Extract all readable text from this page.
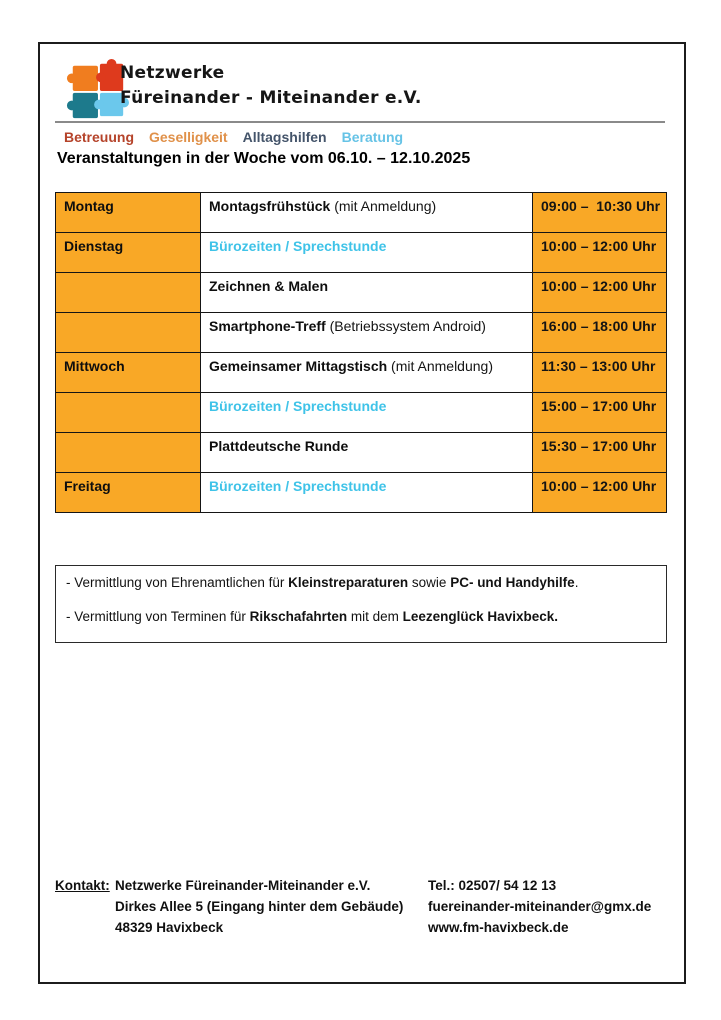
Netzwerke
Füreinander - Miteinander e.V.
Betreuung Geselligkeit Alltagshilfen Beratung
Veranstaltungen in der Woche vom 06.10. – 12.10.2025
Montag	Montagsfrühstück (mit Anmeldung)	09:00 –  10:30 Uhr
Dienstag	Bürozeiten / Sprechstunde	10:00 – 12:00 Uhr
	Zeichnen & Malen	10:00 – 12:00 Uhr
	Smartphone-Treff (Betriebssystem Android)	16:00 – 18:00 Uhr
Mittwoch	Gemeinsamer Mittagstisch (mit Anmeldung)	11:30 – 13:00 Uhr
	Bürozeiten / Sprechstunde	15:00 – 17:00 Uhr
	Plattdeutsche Runde	15:30 – 17:00 Uhr
Freitag	Bürozeiten / Sprechstunde	10:00 – 12:00 Uhr

- Vermittlung von Ehrenamtlichen für Kleinstreparaturen sowie PC- und Handyhilfe.

- Vermittlung von Terminen für Rikschafahrten mit dem Leezenglück Havixbeck.

Kontakt: Netzwerke Füreinander-Miteinander e.V.
Dirkes Allee 5 (Eingang hinter dem Gebäude)
48329 Havixbeck
Tel.: 02507/ 54 12 13
fuereinander-miteinander@gmx.de
www.fm-havixbeck.de
